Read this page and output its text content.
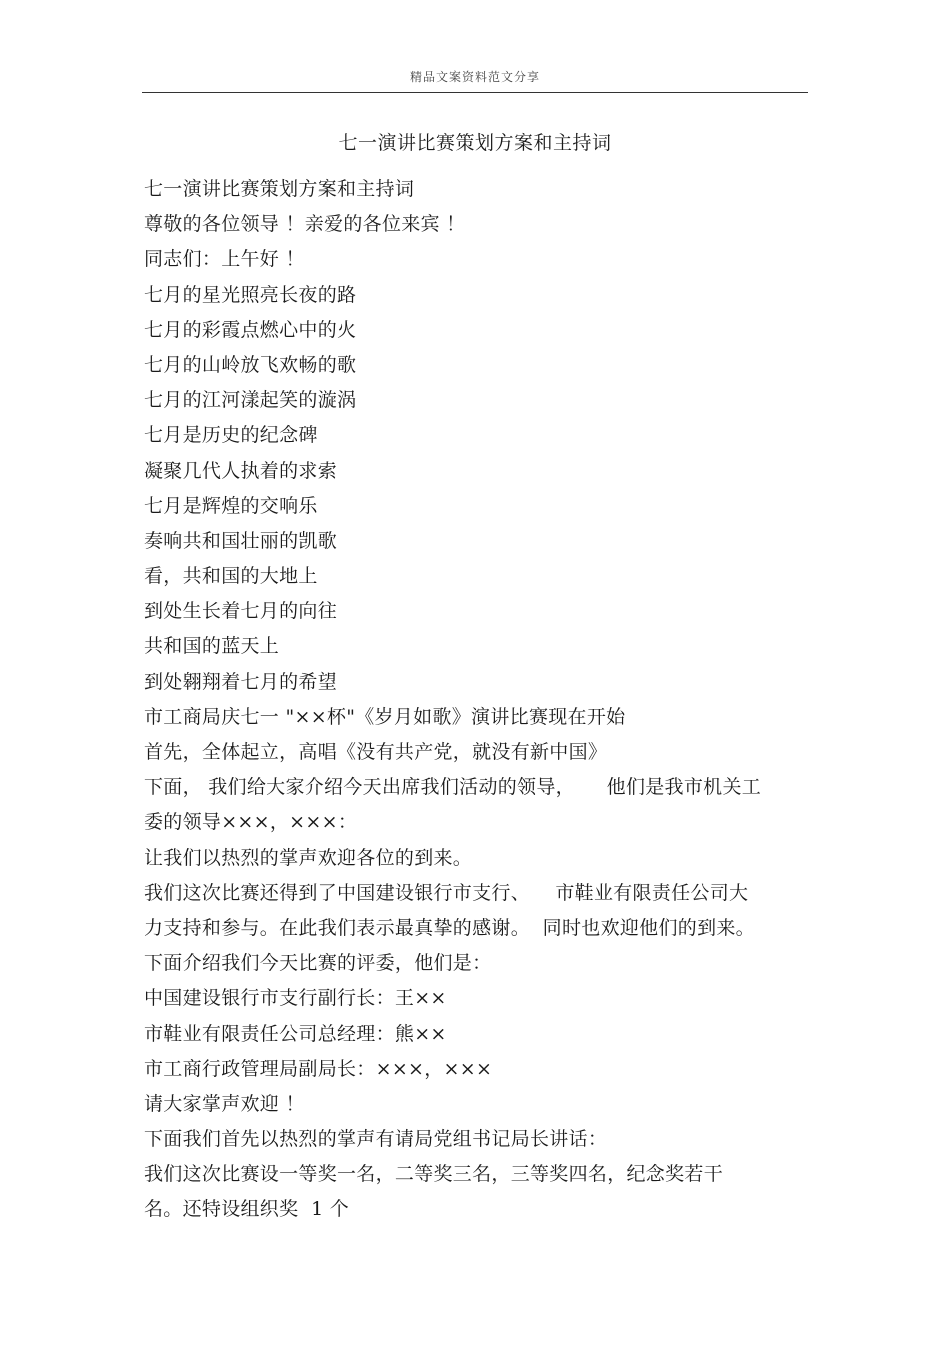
精品文案资料范文分享
七一演讲比赛策划方案和主持词
七一演讲比赛策划方案和主持词
尊敬的各位领导 ！亲爱的各位来宾 ！
同志们：上午好 ！
七月的星光照亮长夜的路
七月的彩霞点燃心中的火
七月的山岭放飞欢畅的歌
七月的江河漾起笑的漩涡
七月是历史的纪念碑
凝聚几代人执着的求索
七月是辉煌的交响乐
奏响共和国壮丽的凯歌
看，共和国的大地上
到处生长着七月的向往
共和国的蓝天上
到处翱翔着七月的希望
市工商局庆七一 "××杯"《岁月如歌》演讲比赛现在开始
首先，全体起立，高唱《没有共产党，就没有新中国》
下面， 我们给大家介绍今天出席我们活动的领导，     他们是我市机关工
委的领导×××，×××：
让我们以热烈的掌声欢迎各位的到来。
我们这次比赛还得到了中国建设银行市支行、    市鞋业有限责任公司大
力支持和参与。在此我们表示最真挚的感谢。  同时也欢迎他们的到来。
下面介绍我们今天比赛的评委，他们是：
中国建设银行市支行副行长：王××
市鞋业有限责任公司总经理：熊××
市工商行政管理局副局长：×××，×××
请大家掌声欢迎 ！
下面我们首先以热烈的掌声有请局党组书记局长讲话：
我们这次比赛设一等奖一名，二等奖三名，三等奖四名，纪念奖若干
名。还特设组织奖  1 个
